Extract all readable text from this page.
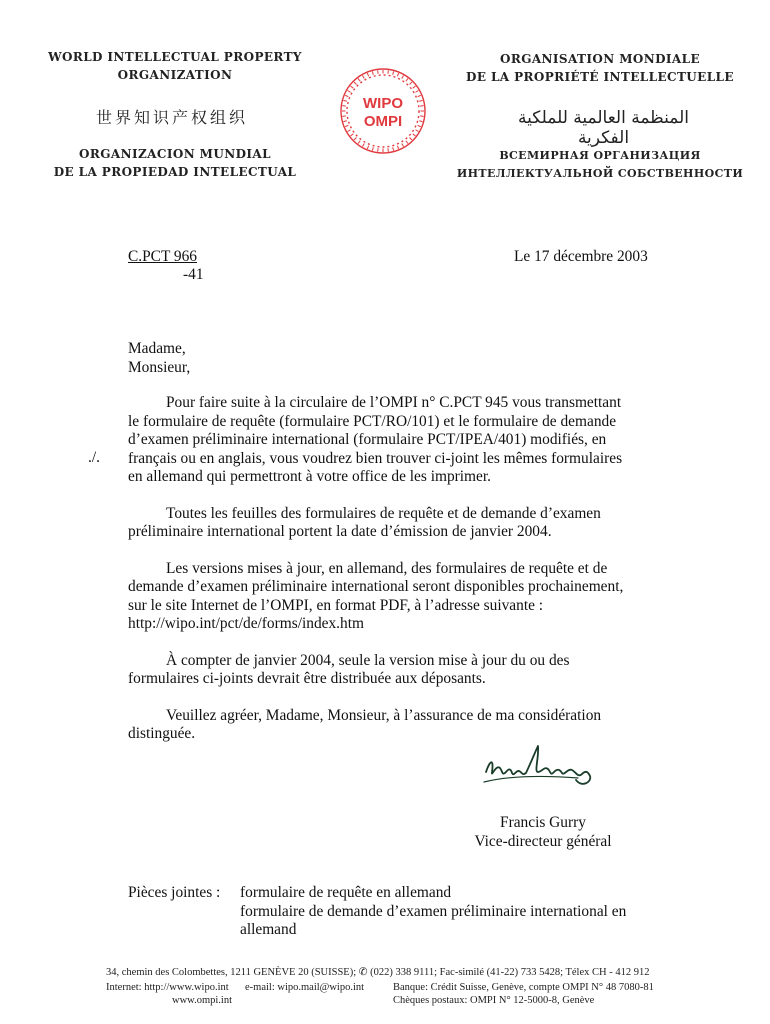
WORLD INTELLECTUAL PROPERTY
ORGANIZATION
ORGANISATION MONDIALE
DE LA PROPRIÉTÉ INTELLECTUELLE
世界知识产权组织	المنظمة العالمية للملكية الفكرية
ORGANIZACION MUNDIAL
DE LA PROPIEDAD INTELECTUAL
ВСЕМИРНАЯ ОРГАНИЗАЦИЯ
ИНТЕЛЛЕКТУАЛЬНОЙ СОБСТВЕННОСТИ
WIPO
OMPI
C.PCT 966
-41
Le 17 décembre 2003
Madame,
Monsieur,

Pour faire suite à la circulaire de l’OMPI n° C.PCT 945 vous transmettant
le formulaire de requête (formulaire PCT/RO/101) et le formulaire de demande
d’examen préliminaire international (formulaire PCT/IPEA/401) modifiés, en
français ou en anglais, vous voudrez bien trouver ci-joint les mêmes formulaires
en allemand qui permettront à votre office de les imprimer.

Toutes les feuilles des formulaires de requête et de demande d’examen
préliminaire international portent la date d’émission de janvier 2004.

Les versions mises à jour, en allemand, des formulaires de requête et de
demande d’examen préliminaire international seront disponibles prochainement,
sur le site Internet de l’OMPI, en format PDF, à l’adresse suivante :
http://wipo.int/pct/de/forms/index.htm

À compter de janvier 2004, seule la version mise à jour du ou des
formulaires ci-joints devrait être distribuée aux déposants.

Veuillez agréer, Madame, Monsieur, à l’assurance de ma considération
distinguée.

./.
Francis Gurry
Vice-directeur général
Pièces jointes : formulaire de requête en allemand
formulaire de demande d’examen préliminaire international en
allemand
34, chemin des Colombettes, 1211 GENÈVE 20 (SUISSE); ✆ (022) 338 9111; Fac-similé (41-22) 733 5428; Télex CH - 412 912
Internet: http://www.wipo.int e-mail: wipo.mail@wipo.int
www.ompi.int
Banque: Crédit Suisse, Genève, compte OMPI N° 48 7080-81
Chèques postaux: OMPI N° 12-5000-8, Genève
